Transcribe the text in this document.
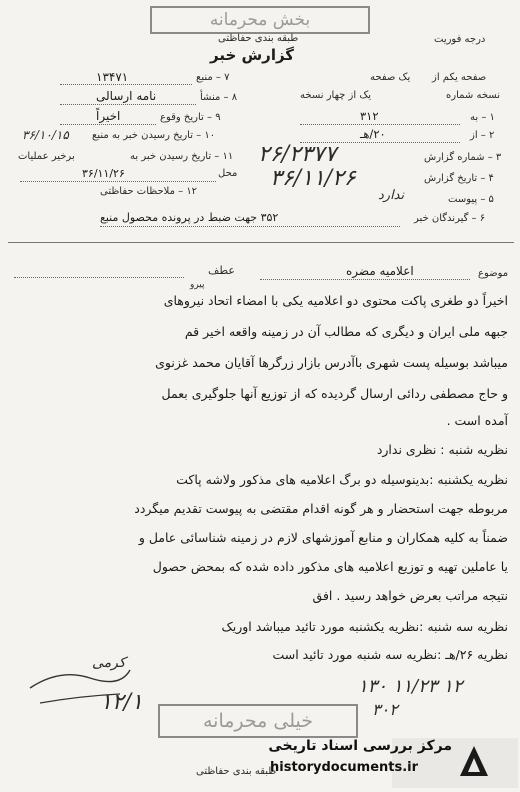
بخش محرمانه
طبقه بندی حفاظتی
گزارش خبر
درجه فوریت
۷ – منبع
۱۳۴۷۱
۸ – منشأ
نامه ارسالی
۹ – تاریخ وقوع
اخیراً
۱۰ – تاریخ رسیدن خبر به منبع
۳۶/۱۰/۱۵
۱۱ – تاریخ رسیدن خبر به
برخیر عملیات
محل
۳۶/۱۱/۲۶
۱۲ – ملاحظات حفاظتی
صفحه یکم از
یک صفحه
نسخه شماره
یک از چهار نسخه
۱ – به
۳۱۲
۲ – از
۲۰/هـ
۳ – شماره گزارش
۲۶/۲۳۷۷
۴ – تاریخ گزارش
۳۶/۱۱/۲۶
۵ – پیوست
ندارد
۶ – گیرندگان خبر
۳۵۲ جهت ضبط در پرونده محصول منبع
موضوع
اعلامیه مضره
عطف
پیرو
اخیراً دو طغری پاکت محتوی دو اعلامیه یکی با امضاء اتحاد نیروهای
جبهه ملی ایران و دیگری که مطالب آن در زمینه واقعه اخیر قم
میباشد بوسیله پست شهری باآدرس بازار زرگرها آقایان محمد غزنوی
و حاج مصطفی ردائی ارسال گردیده که از توزیع آنها جلوگیری بعمل
آمده است .
نظریه شنبه : نظری ندارد
نظریه یکشنبه :بدینوسیله دو برگ اعلامیه های مذکور ولاشه پاکت
مربوطه جهت استحضار و هر گونه اقدام مقتضی به پیوست تقدیم میگردد
ضمناً به کلیه همکاران و منابع آموزشهای لازم در زمینه شناسائی عامل و
یا عاملین تهیه و توزیع اعلامیه های مذکور داده شده که بمحض حصول
نتیجه مراتب بعرض خواهد رسید . افق
نظریه سه شنبه :نظریه یکشنبه مورد تائید میباشد اوریک
نظریه ۲۶/هـ :نظریه سه شنبه مورد تائید است
کرمی
۱۲/۱
۱۳۰ ۱۱/۲۳ ۱۲
۳۰۲
خیلی محرمانه
طبقه بندی حفاظتی
مرکز بررسی اسناد تاریخی
historydocuments.ir
